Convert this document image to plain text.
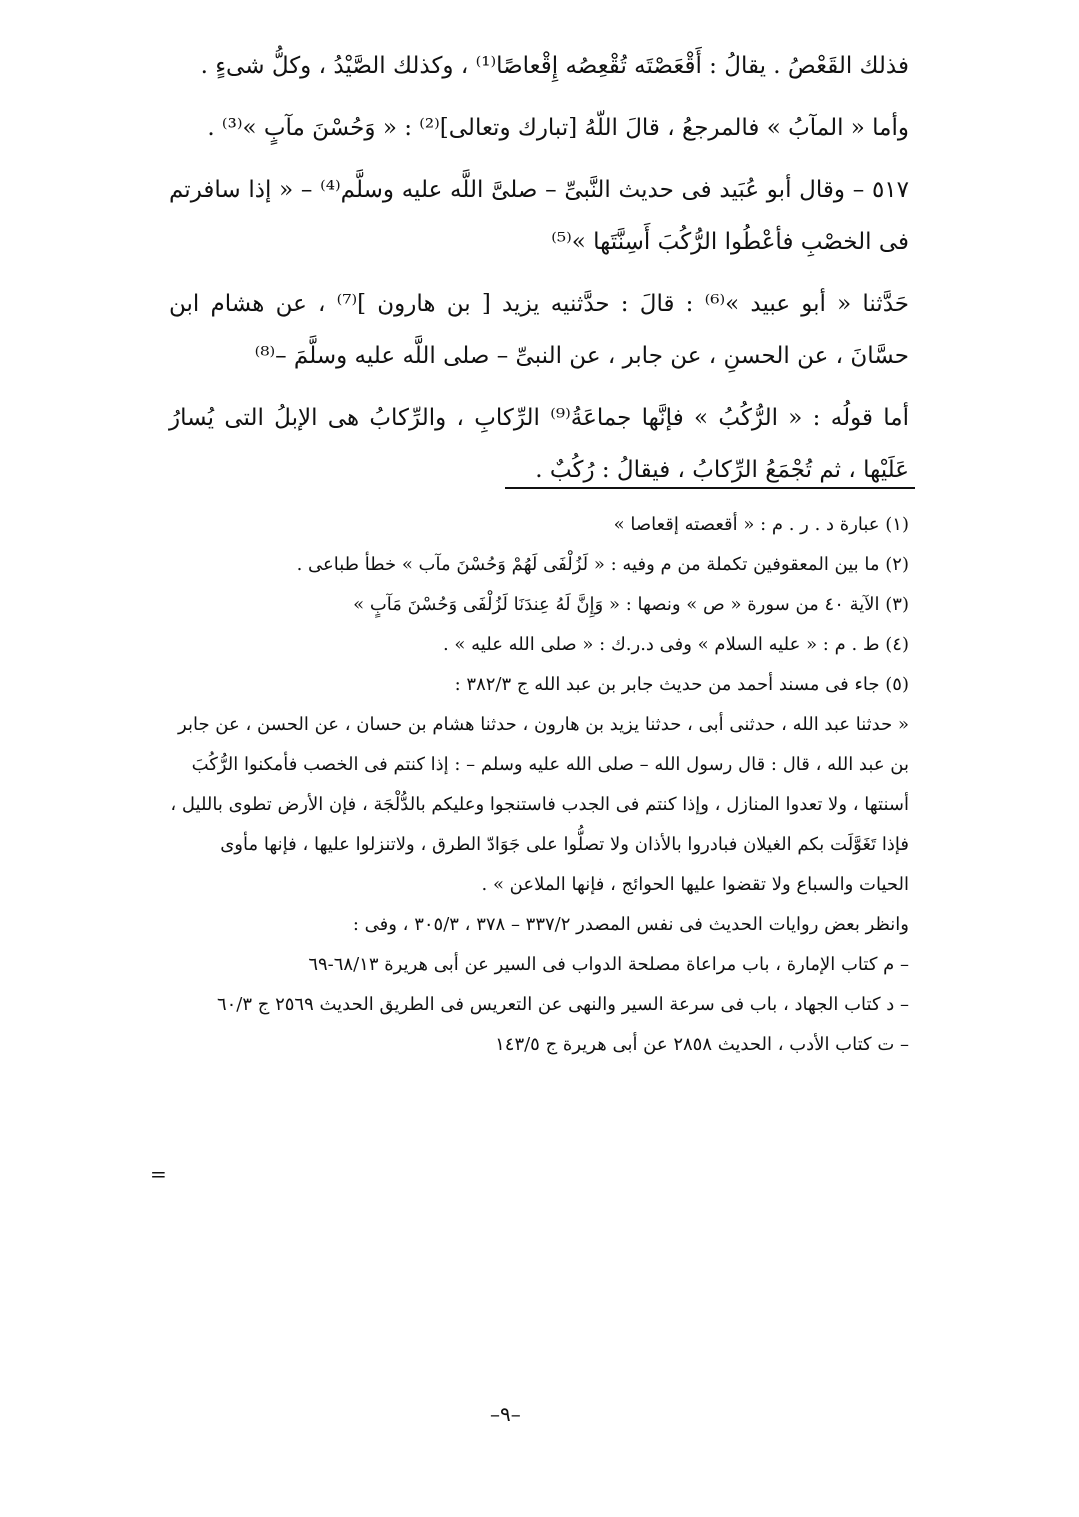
فذلك القَعْصُ . يقالُ : أَقْعَصْتَه تُقْعِصُه إِقْعاصًا⁽¹⁾ ، وكذلك الصَّيْدُ ، وكلُّ شىءٍ .

وأما « المآبُ » فالمرجعُ ، قالَ اللّهُ [تبارك وتعالى]⁽²⁾ : « وَحُسْنَ مآبٍ »⁽³⁾ .

٥١٧ – وقال أبو عُبَيد فى حديث النَّبىِّ – صلىَّ اللَّه عليه وسلَّم⁽⁴⁾ – « إذا سافرتم فى الخصْبِ فأعْطُوا الرُّكُبَ أَسِنَّتَها »⁽⁵⁾

حَدَّثنا « أبو عبيد »⁽⁶⁾ : قالَ : حدَّثنيه يزيد [ بن هارون ]⁽⁷⁾ ، عن هشام ابن حسَّانَ ، عن الحسنِ ، عن جابر ، عن النبىِّ – صلى اللَّه عليه وسلَّمَ –⁽⁸⁾

أما قولُه : « الرُّكُبُ » فإنَّها جماعَةُ⁽⁹⁾ الرِّكابِ ، والرِّكابُ هى الإبلُ التى يُسارُ عَلَيْها ، ثم تُجْمَعُ الرِّكابُ ، فيقالُ : رُكُبٌ .

(١) عبارة د . ر . م : « أقعصته إقعاصا »

(٢) ما بين المعقوفين تكملة من م وفيه : « لَزُلْفَى لَهُمْ وَحُسْنَ مآب » خطأ طباعى .

(٣) الآية ٤٠ من سورة « ص » ونصها : « وَإِنَّ لَهُ عِندَنَا لَزُلْفَى وَحُسْنَ مَآبٍ »

(٤) ط . م : « عليه السلام » وفى د.ر.ك : « صلى الله عليه » .

(٥) جاء فى مسند أحمد من حديث جابر بن عبد الله ج ٣٨٢/٣ :

« حدثنا عبد الله ، حدثنى أبى ، حدثنا يزيد بن هارون ، حدثنا هشام بن حسان ، عن الحسن ، عن جابر بن عبد الله ، قال : قال رسول الله – صلى الله عليه وسلم – : إذا كنتم فى الخصب فأمكنوا الرُّكُبَ أسنتها ، ولا تعدوا المنازل ، وإذا كنتم فى الجدب فاستنجوا وعليكم بالدُّلْجَة ، فإن الأرض تطوى بالليل ، فإذا تَغَوَّلَت بكم الغيلان فبادروا بالأذان ولا تصلُّوا على جَوَادّ الطرق ، ولاتنزلوا عليها ، فإنها مأوى الحيات والسباع ولا تقضوا عليها الحوائج ، فإنها الملاعن » .

وانظر بعض روايات الحديث فى نفس المصدر ٣٣٧/٢ – ٣٧٨ ، ٣٠٥/٣ ، وفى :

– م كتاب الإمارة ، باب مراعاة مصلحة الدواب فى السير عن أبى هريرة ٦٨/١٣-٦٩

– د كتاب الجهاد ، باب فى سرعة السير والنهى عن التعريس فى الطريق الحديث ٢٥٦٩ ج ٦٠/٣

– ت كتاب الأدب ، الحديث ٢٨٥٨ عن أبى هريرة ج ١٤٣/٥

=
–٩–
